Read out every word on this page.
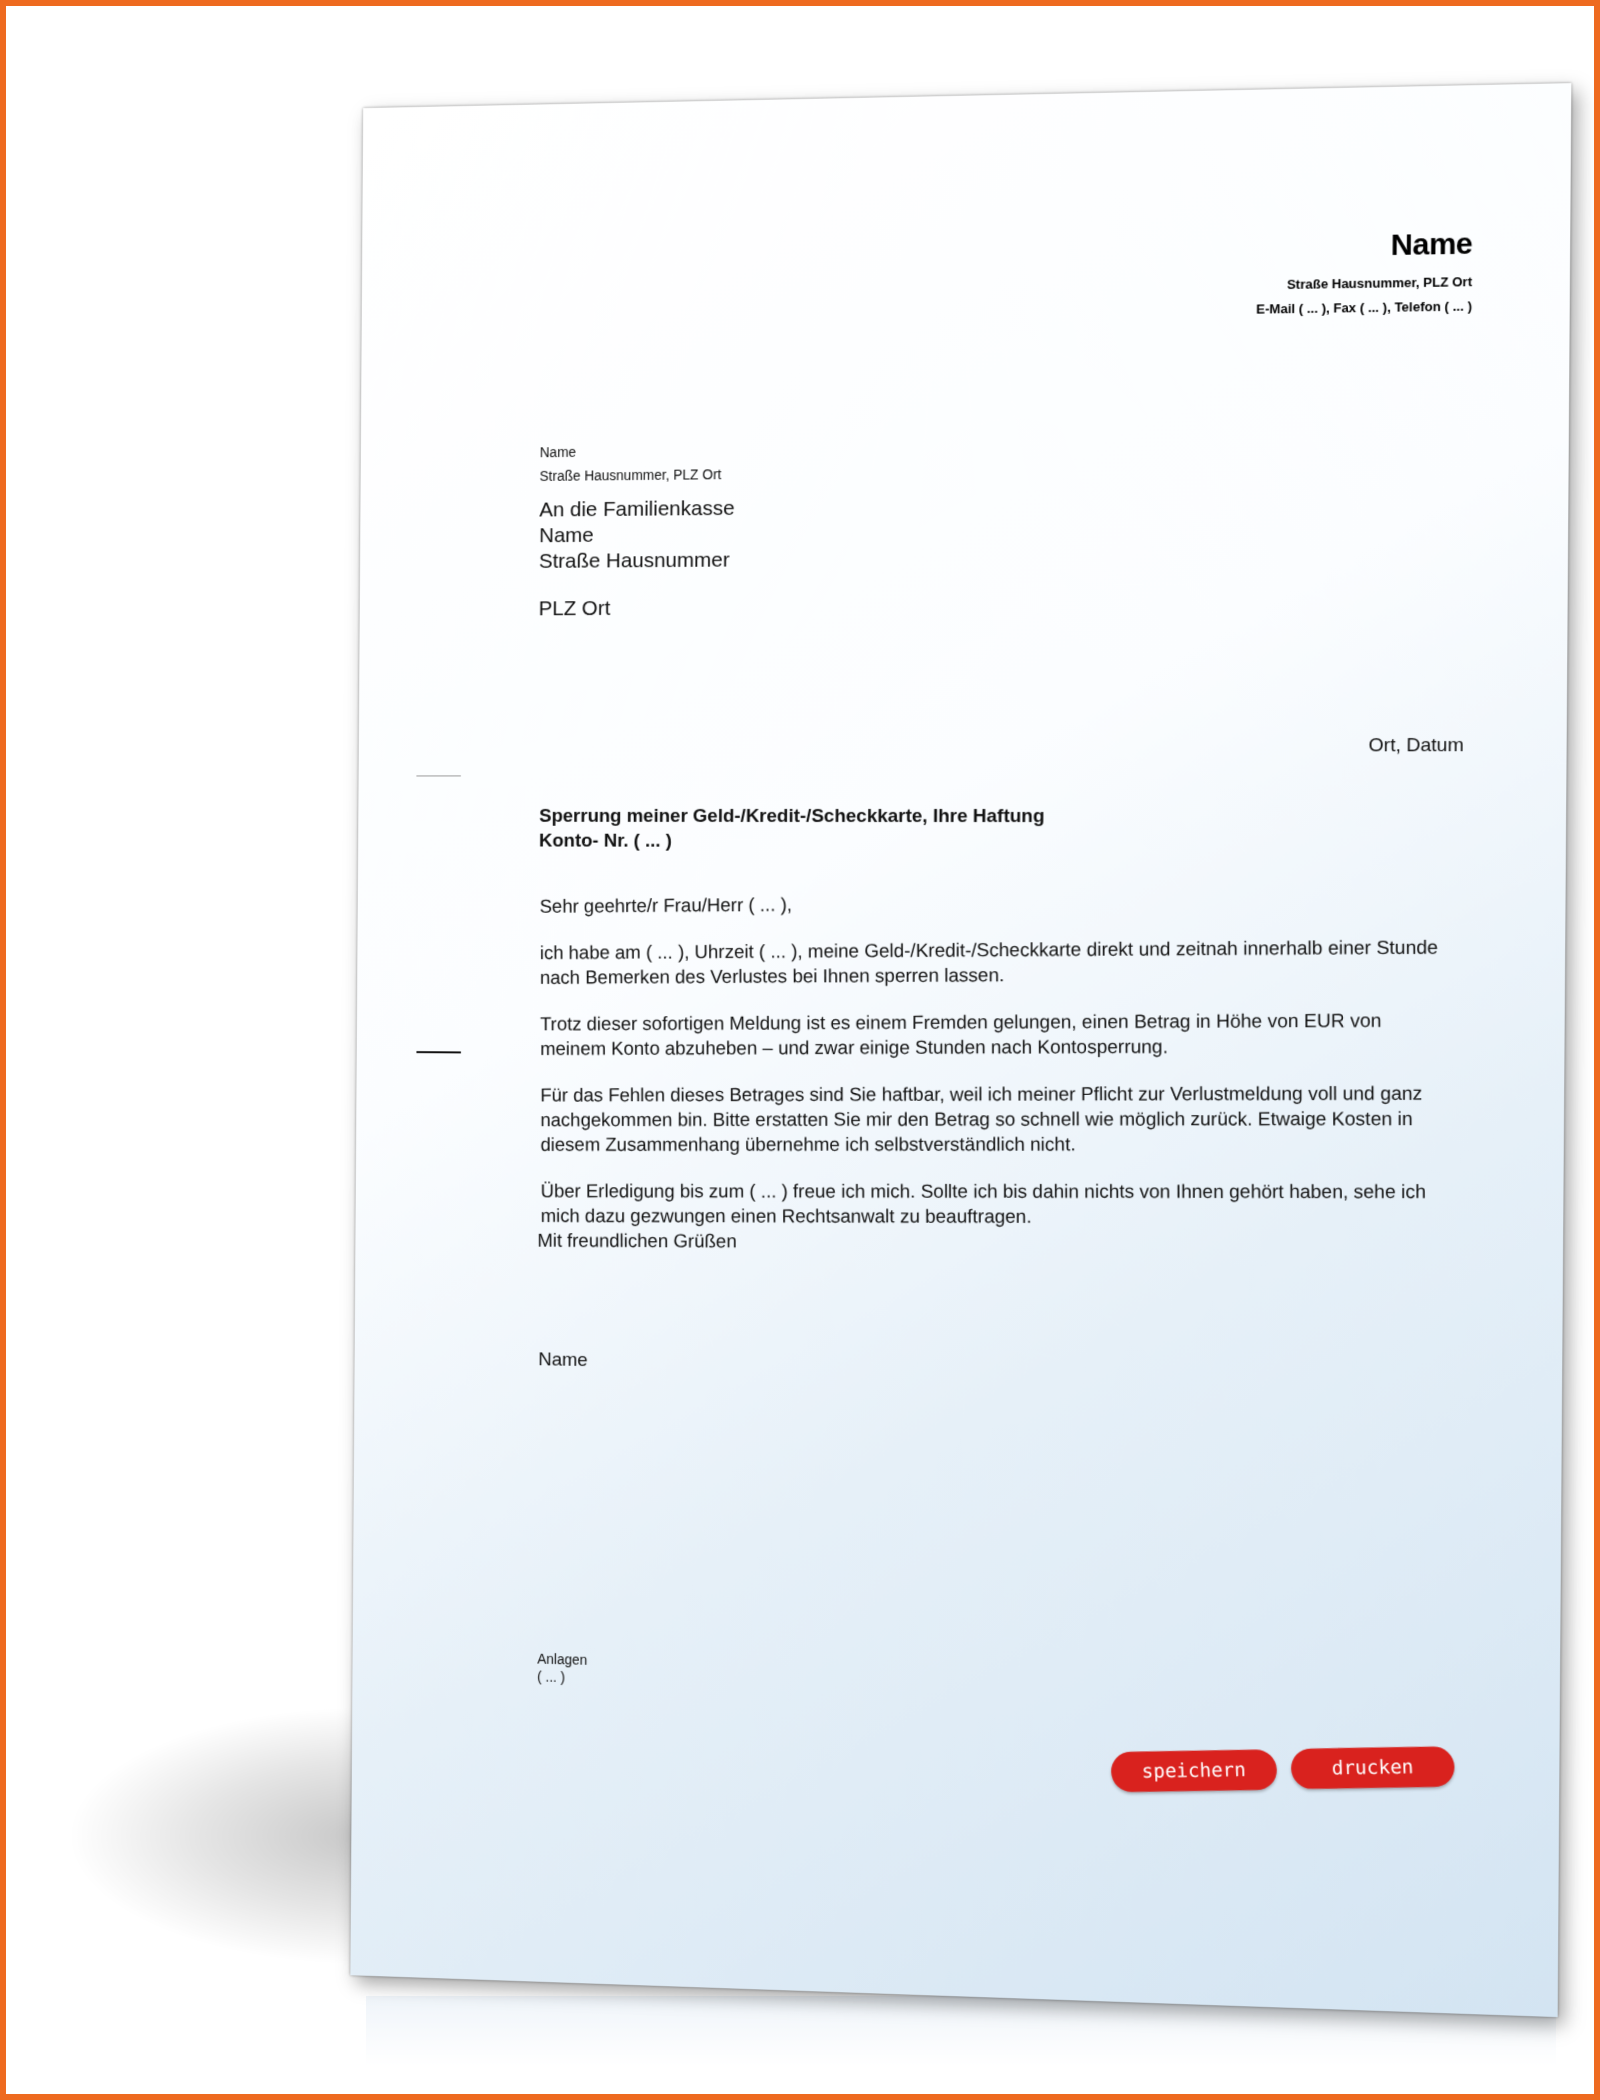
Name
Straße Hausnummer, PLZ Ort
E-Mail ( ... ), Fax ( ... ), Telefon ( ... )
Name
Straße Hausnummer, PLZ Ort
An die Familienkasse
Name
Straße Hausnummer
PLZ Ort
Ort, Datum
Sperrung meiner Geld-/Kredit-/Scheckkarte, Ihre Haftung
Konto- Nr. ( ... )

Sehr geehrte/r Frau/Herr ( ... ),

ich habe am ( ... ), Uhrzeit ( ... ), meine Geld-/Kredit-/Scheckkarte direkt und zeitnah innerhalb einer Stunde nach Bemerken des Verlustes bei Ihnen sperren lassen.

Trotz dieser sofortigen Meldung ist es einem Fremden gelungen, einen Betrag in Höhe von EUR von meinem Konto abzuheben – und zwar einige Stunden nach Kontosperrung.

Für das Fehlen dieses Betrages sind Sie haftbar, weil ich meiner Pflicht zur Verlustmeldung voll und ganz nachgekommen bin. Bitte erstatten Sie mir den Betrag so schnell wie möglich zurück. Etwaige Kosten in diesem Zusammenhang übernehme ich selbstverständlich nicht.

Über Erledigung bis zum ( ... ) freue ich mich. Sollte ich bis dahin nichts von Ihnen gehört haben, sehe ich mich dazu gezwungen einen Rechtsanwalt zu beauftragen.

Mit freundlichen Grüßen
Name
Anlagen
( ... )
speichern	drucken
